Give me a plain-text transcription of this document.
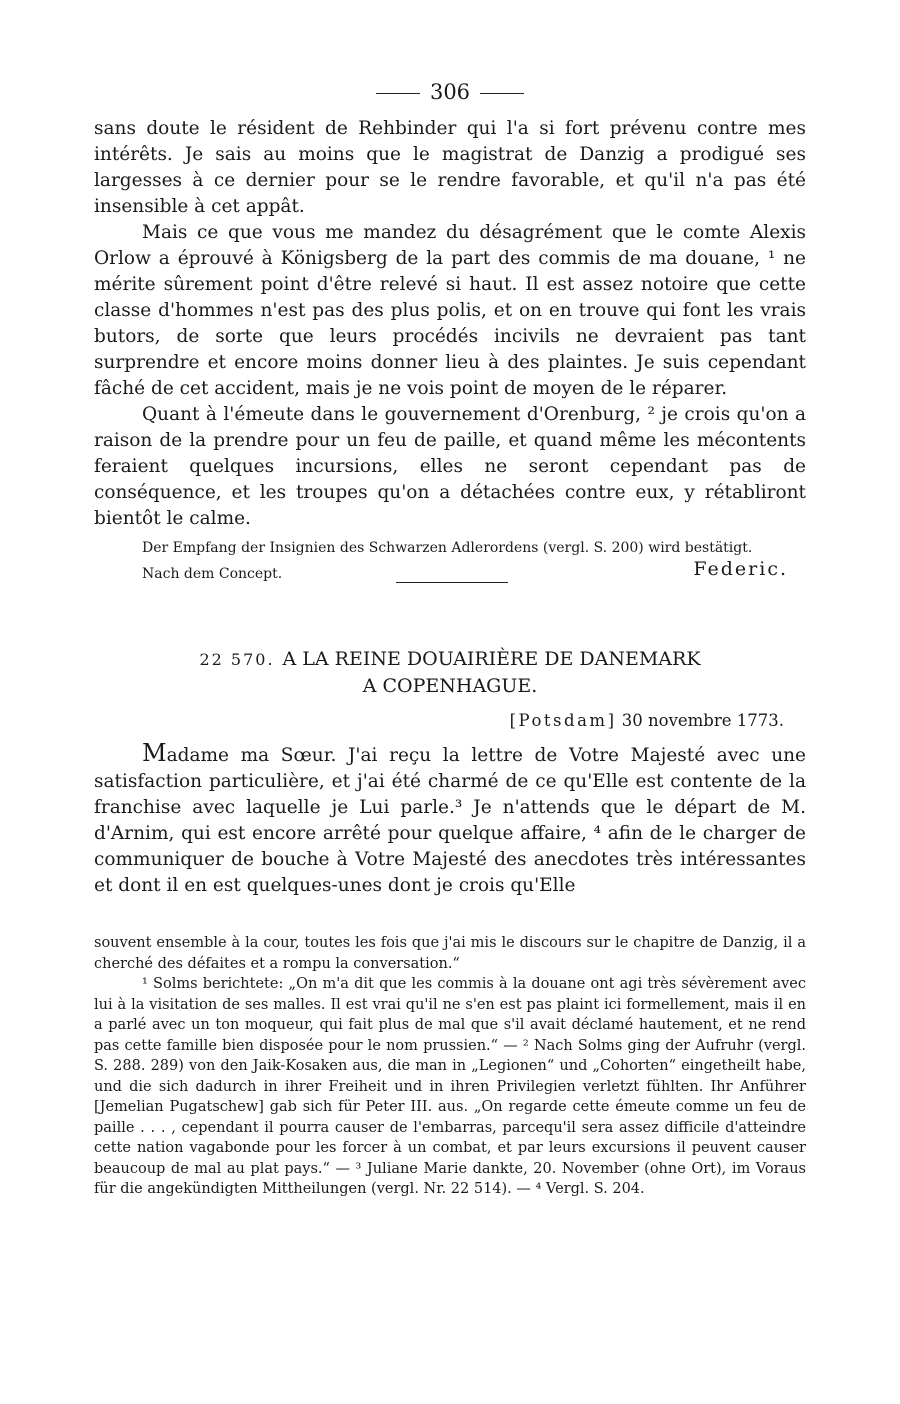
306

sans doute le résident de Rehbinder qui l'a si fort prévenu contre mes intérêts. Je sais au moins que le magistrat de Danzig a prodigué ses largesses à ce dernier pour se le rendre favorable, et qu'il n'a pas été insensible à cet appât.

Mais ce que vous me mandez du désagrément que le comte Alexis Orlow a éprouvé à Königsberg de la part des commis de ma douane, ¹ ne mérite sûrement point d'être relevé si haut. Il est assez notoire que cette classe d'hommes n'est pas des plus polis, et on en trouve qui font les vrais butors, de sorte que leurs procédés incivils ne devraient pas tant surprendre et encore moins donner lieu à des plaintes. Je suis cependant fâché de cet accident, mais je ne vois point de moyen de le réparer.

Quant à l'émeute dans le gouvernement d'Orenburg, ² je crois qu'on a raison de la prendre pour un feu de paille, et quand même les mécontents feraient quelques incursions, elles ne seront cependant pas de conséquence, et les troupes qu'on a détachées contre eux, y rétabliront bientôt le calme.

Der Empfang der Insignien des Schwarzen Adlerordens (vergl. S. 200) wird bestätigt.

Nach dem Concept.	Federic.
22 570. A LA REINE DOUAIRIÈRE DE DANEMARK
A COPENHAGUE.
[Potsdam] 30 novembre 1773.

Madame ma Sœur. J'ai reçu la lettre de Votre Majesté avec une satisfaction particulière, et j'ai été charmé de ce qu'Elle est contente de la franchise avec laquelle je Lui parle.³ Je n'attends que le départ de M. d'Arnim, qui est encore arrêté pour quelque affaire, ⁴ afin de le charger de communiquer de bouche à Votre Majesté des anecdotes très intéressantes et dont il en est quelques-unes dont je crois qu'Elle

souvent ensemble à la cour, toutes les fois que j'ai mis le discours sur le chapitre de Danzig, il a cherché des défaites et a rompu la conversation.“

¹ Solms berichtete: „On m'a dit que les commis à la douane ont agi très sévèrement avec lui à la visitation de ses malles. Il est vrai qu'il ne s'en est pas plaint ici formellement, mais il en a parlé avec un ton moqueur, qui fait plus de mal que s'il avait déclamé hautement, et ne rend pas cette famille bien disposée pour le nom prussien.“ — ² Nach Solms ging der Aufruhr (vergl. S. 288. 289) von den Jaik-Kosaken aus, die man in „Legionen“ und „Cohorten“ eingetheilt habe, und die sich dadurch in ihrer Freiheit und in ihren Privilegien verletzt fühlten. Ihr Anführer [Jemelian Pugatschew] gab sich für Peter III. aus. „On regarde cette émeute comme un feu de paille . . . , cependant il pourra causer de l'embarras, parcequ'il sera assez difficile d'atteindre cette nation vagabonde pour les forcer à un combat, et par leurs excursions il peuvent causer beaucoup de mal au plat pays.“ — ³ Juliane Marie dankte, 20. November (ohne Ort), im Voraus für die angekündigten Mittheilungen (vergl. Nr. 22 514). — ⁴ Vergl. S. 204.
